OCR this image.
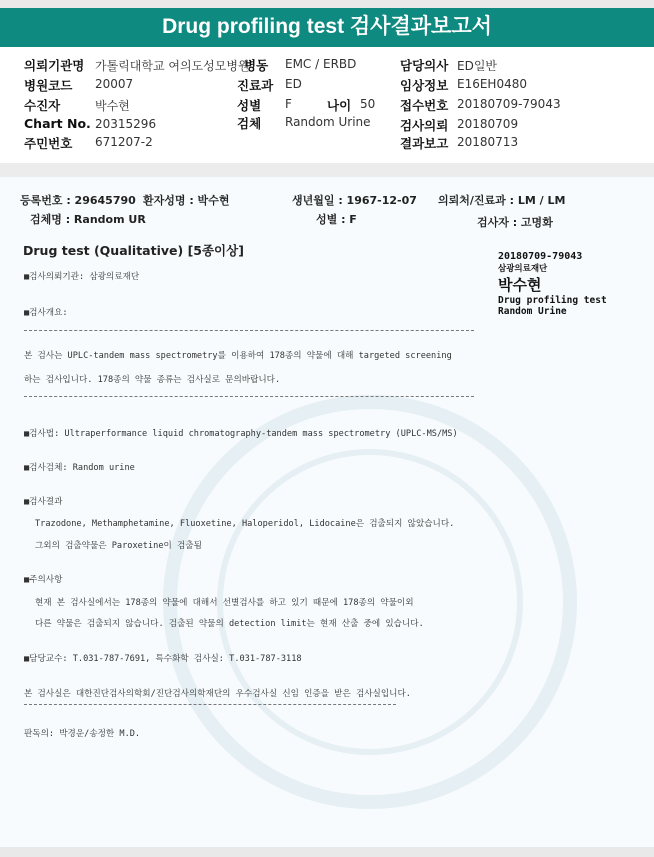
Drug profiling test 검사결과보고서
의뢰기관명 가톨릭대학교 여의도성모병원
병동 EMC / ERBD	담당의사 ED일반
병원코드 20007	진료과 ED	임상정보 E16EH0480
수진자	박수현	성별 F	나이 50 접수번호 20180709-79043
Chart No. 20315296	검체 Random Urine 검사의뢰 20180709
주민번호 671207-2	결과보고 20180713
등록번호 : 29645790 환자성명 : 박수현	생년월일 : 1967-12-07 의뢰처/진료과 : LM / LM
검체명 : Random UR	성별 : F	검사자 : 고명화
Drug test (Qualitative) [5종이상]	20180709-79043
삼광의료재단
박수현
Drug profiling test
Random Urine
■검사의뢰기관: 삼광의료재단
■검사개요:
본 검사는 UPLC-tandem mass spectrometry를 이용하여 178종의 약물에 대해 targeted screening
하는 검사입니다. 178종의 약물 종류는 검사실로 문의바랍니다.
■검사법: Ultraperformance liquid chromatography-tandem mass spectrometry (UPLC-MS/MS)
■검사검체: Random urine
■검사결과
Trazodone, Methamphetamine, Fluoxetine, Haloperidol, Lidocaine은 검출되지 않았습니다.
그외의 검출약물은 Paroxetine이 검출됨
■주의사항
현재 본 검사실에서는 178종의 약물에 대해서 선별검사를 하고 있기 때문에 178종의 약물이외
다른 약물은 검출되지 않습니다. 검출된 약물의 detection limit는 현재 산출 중에 있습니다.
■담당교수: T.031-787-7691, 특수화학 검사실: T.031-787-3118
본 검사실은 대한진단검사의학회/진단검사의학재단의 우수검사실 신임 인증을 받은 검사실입니다.
판독의: 박경운/송정한 M.D.
